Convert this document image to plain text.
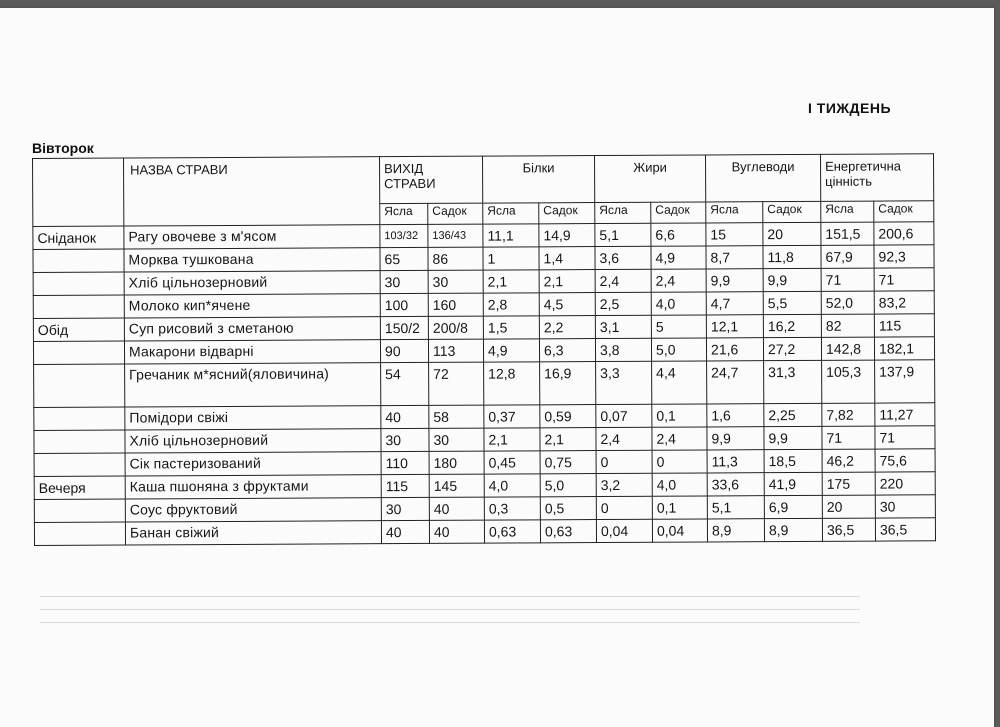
I ТИЖДЕНЬ
Вівторок
	НАЗВА СТРАВИ	ВИХІД СТРАВИ		Білки		Жири		Вуглеводи		Енергетична цінність	
		Ясла	Садок	Ясла	Садок	Ясла	Садок	Ясла	Садок	Ясла	Садок
Сніданок	Рагу овочеве з м'ясом	103/32	136/43	11,1	14,9	5,1	6,6	15	20	151,5	200,6
	Морква тушкована	65	86	1	1,4	3,6	4,9	8,7	11,8	67,9	92,3
	Хліб цільнозерновий	30	30	2,1	2,1	2,4	2,4	9,9	9,9	71	71
	Молоко кип*ячене	100	160	2,8	4,5	2,5	4,0	4,7	5,5	52,0	83,2
Обід	Суп рисовий з сметаною	150/2	200/8	1,5	2,2	3,1	5	12,1	16,2	82	115
	Макарони відварні	90	113	4,9	6,3	3,8	5,0	21,6	27,2	142,8	182,1
	Гречаник м*ясний(яловичина)	54	72	12,8	16,9	3,3	4,4	24,7	31,3	105,3	137,9
	Помідори свіжі	40	58	0,37	0,59	0,07	0,1	1,6	2,25	7,82	11,27
	Хліб цільнозерновий	30	30	2,1	2,1	2,4	2,4	9,9	9,9	71	71
	Сік пастеризований	110	180	0,45	0,75	0	0	11,3	18,5	46,2	75,6
Вечеря	Каша пшоняна з фруктами	115	145	4,0	5,0	3,2	4,0	33,6	41,9	175	220
	Соус фруктовий	30	40	0,3	0,5	0	0,1	5,1	6,9	20	30
	Банан свіжий	40	40	0,63	0,63	0,04	0,04	8,9	8,9	36,5	36,5
